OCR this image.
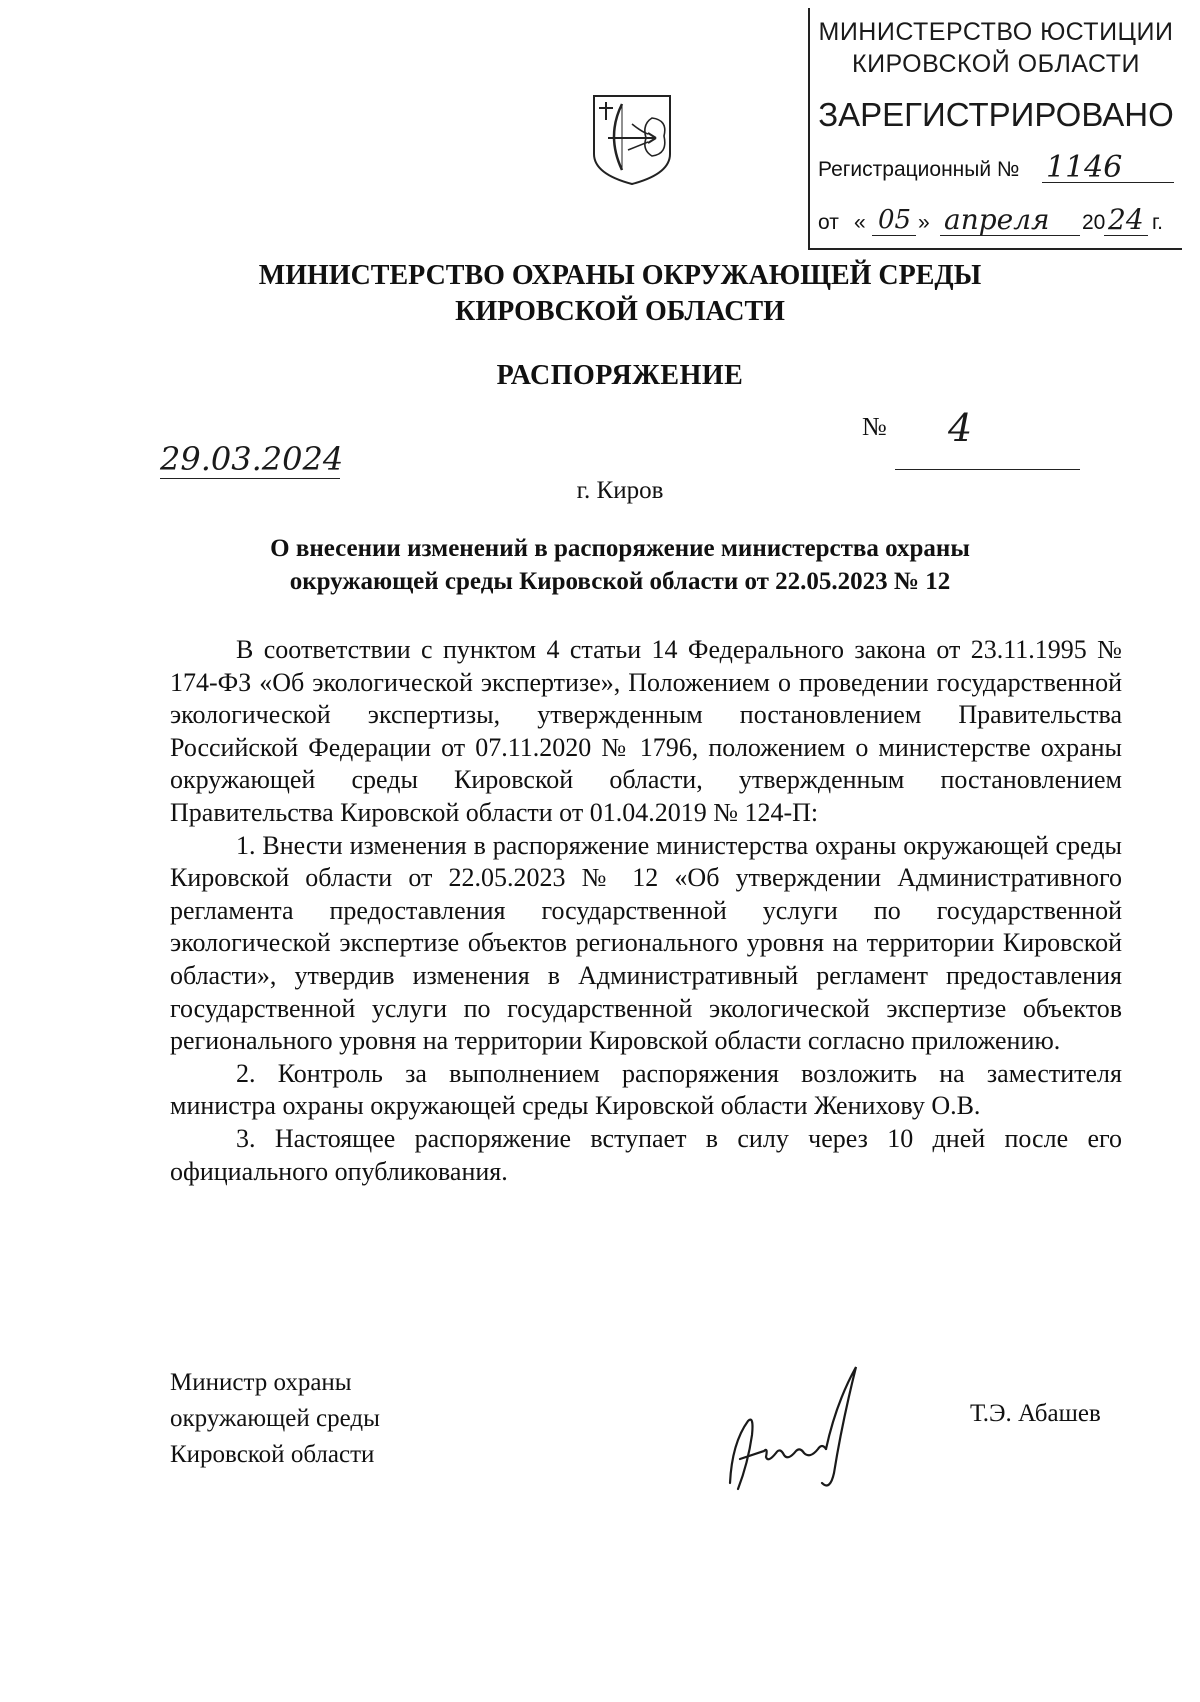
МИНИСТЕРСТВО ЮСТИЦИИ
КИРОВСКОЙ ОБЛАСТИ
ЗАРЕГИСТРИРОВАНО
Регистрационный № 1146
от « 05 » апреля 20 24 г.
МИНИСТЕРСТВО ОХРАНЫ ОКРУЖАЮЩЕЙ СРЕДЫ
КИРОВСКОЙ ОБЛАСТИ
РАСПОРЯЖЕНИЕ
29.03.2024
№ 4
г. Киров
О внесении изменений в распоряжение министерства охраны
окружающей среды Кировской области от 22.05.2023 № 12

В соответствии с пунктом 4 статьи 14 Федерального закона от 23.11.1995 № 174-ФЗ «Об экологической экспертизе», Положением о проведении государственной экологической экспертизы, утвержденным постановлением Правительства Российской Федерации от 07.11.2020 № 1796, положением о министерстве охраны окружающей среды Кировской области, утвержденным постановлением Правительства Кировской области от 01.04.2019 № 124-П:

1. Внести изменения в распоряжение министерства охраны окружающей среды Кировской области от 22.05.2023 № 12 «Об утверждении Административного регламента предоставления государственной услуги по государственной экологической экспертизе объектов регионального уровня на территории Кировской области», утвердив изменения в Административный регламент предоставления государственной услуги по государственной экологической экспертизе объектов регионального уровня на территории Кировской области согласно приложению.

2. Контроль за выполнением распоряжения возложить на заместителя министра охраны окружающей среды Кировской области Женихову О.В.

3. Настоящее распоряжение вступает в силу через 10 дней после его официального опубликования.

Министр охраны
окружающей среды
Кировской области
Т.Э. Абашев
